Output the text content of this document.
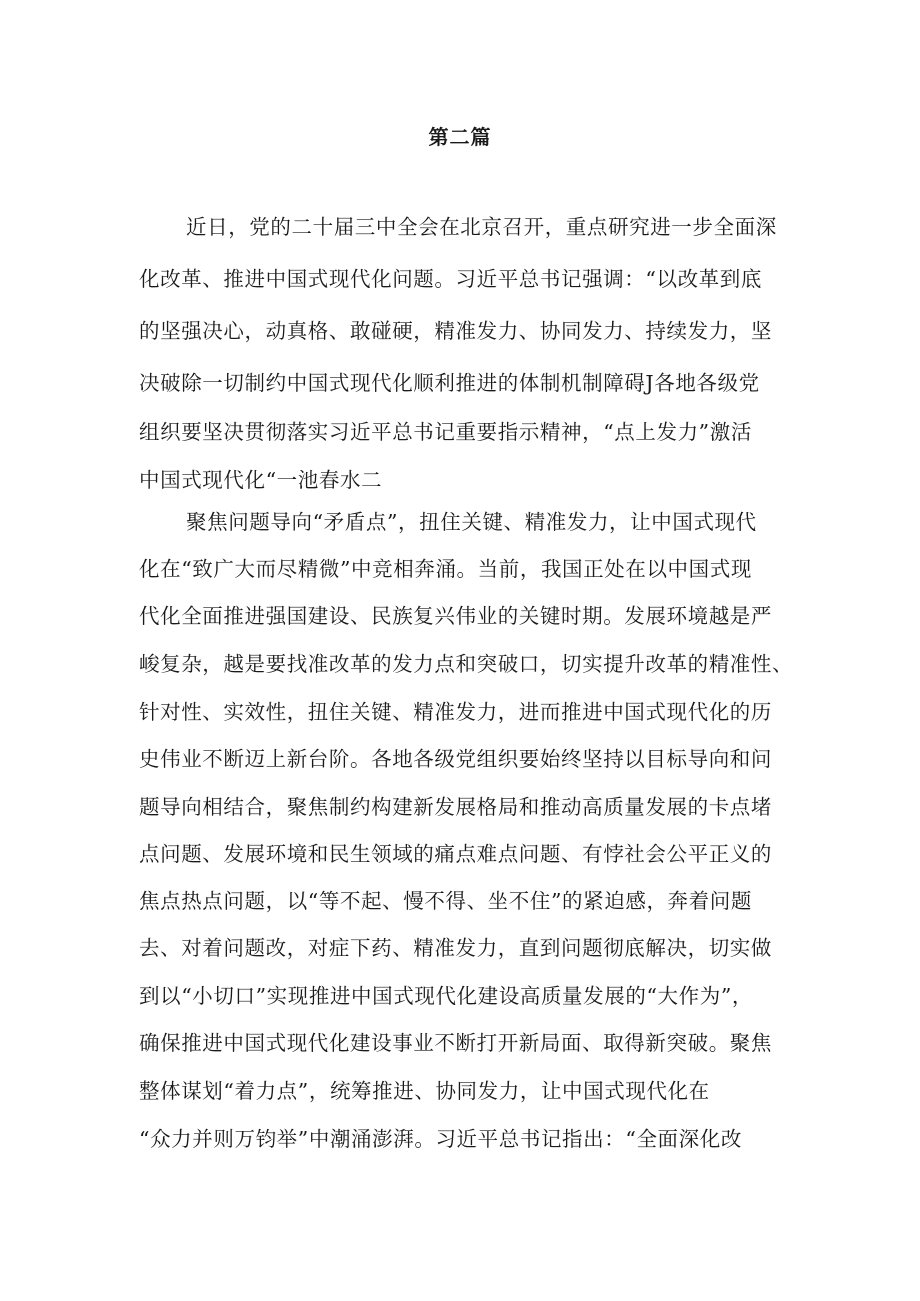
第二篇
近日，党的二十届三中全会在北京召开，重点研究进一步全面深
化改革、推进中国式现代化问题。习近平总书记强调：“以改革到底
的坚强决心，动真格、敢碰硬，精准发力、协同发力、持续发力，坚
决破除一切制约中国式现代化顺利推进的体制机制障碍J各地各级党
组织要坚决贯彻落实习近平总书记重要指示精神，“点上发力”激活
中国式现代化“一池春水二
聚焦问题导向“矛盾点”，扭住关键、精准发力，让中国式现代
化在“致广大而尽精微”中竞相奔涌。当前，我国正处在以中国式现
代化全面推进强国建设、民族复兴伟业的关键时期。发展环境越是严
峻复杂，越是要找准改革的发力点和突破口，切实提升改革的精准性、
针对性、实效性，扭住关键、精准发力，进而推进中国式现代化的历
史伟业不断迈上新台阶。各地各级党组织要始终坚持以目标导向和问
题导向相结合，聚焦制约构建新发展格局和推动高质量发展的卡点堵
点问题、发展环境和民生领域的痛点难点问题、有悖社会公平正义的
焦点热点问题，以“等不起、慢不得、坐不住”的紧迫感，奔着问题
去、对着问题改，对症下药、精准发力，直到问题彻底解决，切实做
到以“小切口”实现推进中国式现代化建设高质量发展的“大作为”，
确保推进中国式现代化建设事业不断打开新局面、取得新突破。聚焦
整体谋划“着力点”，统筹推进、协同发力，让中国式现代化在
“众力并则万钧举”中潮涌澎湃。习近平总书记指出：“全面深化改
